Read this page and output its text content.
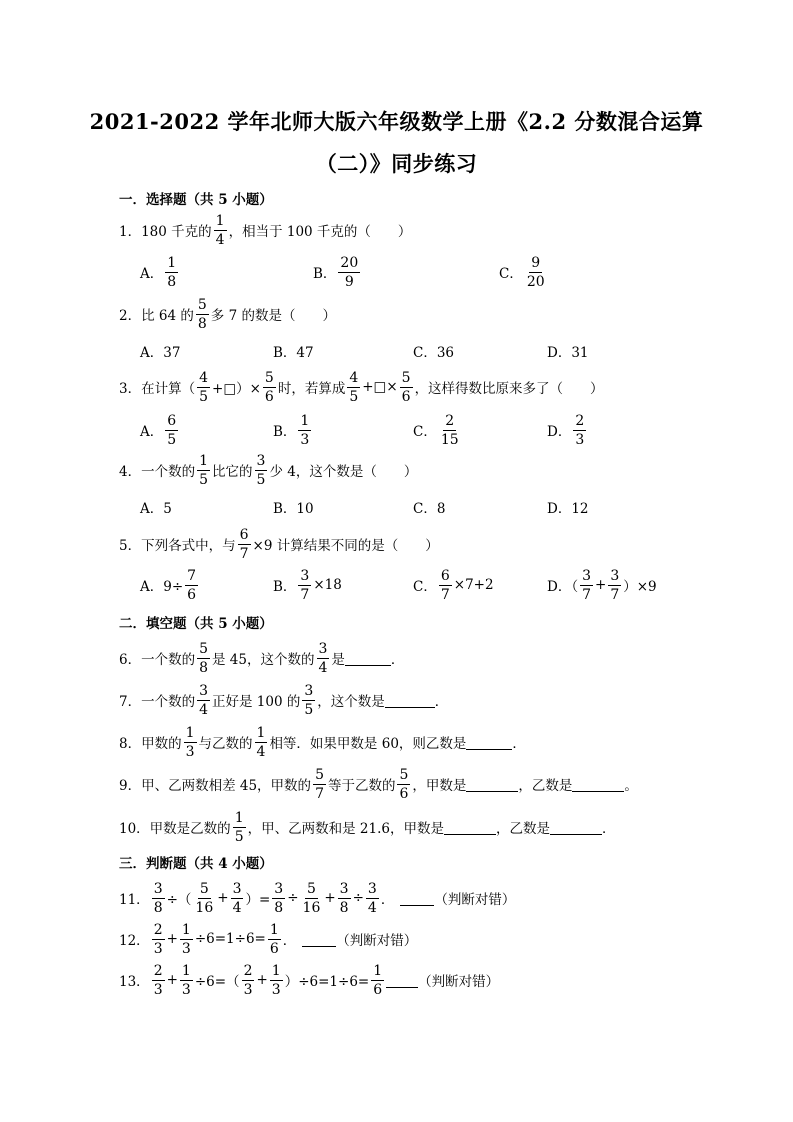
2021-2022 学年北师大版六年级数学上册《2.2 分数混合运算
（二）》同步练习
一．选择题（共 5 小题）
1．180 千克的 $\frac{1}{4}$ ，相当于 100 千克的（　　）
A． $\frac{1}{8}$	B． $\frac{20}{9}$	C． $\frac{9}{20}$
2．比 64 的 $\frac{5}{8}$ 多 7 的数是（　　）
A．37	B．47	C．36	D．31
3．在计算（ $\frac{4}{5}$ +□）× $\frac{5}{6}$ 时，若算成 $\frac{4}{5}$ +□× $\frac{5}{6}$ ，这样得数比原来多了（　　）
A． $\frac{6}{5}$	B． $\frac{1}{3}$	C． $\frac{2}{15}$	D． $\frac{2}{3}$
4．一个数的 $\frac{1}{5}$ 比它的 $\frac{3}{5}$ 少 4，这个数是（　　）
A．5	B．10	C．8	D．12
5．下列各式中，与 $\frac{6}{7} \times 9$ 计算结果不同的是（　　）
A．$9\div \frac{7}{6}$	B． $\frac{3}{7} \times 18$	C． $\frac{6}{7} \times 7+2$	D．（ $\frac{3}{7} + \frac{3}{7} )\times 9$
二．填空题（共 5 小题）
6．一个数的 $\frac{5}{8}$ 是 45，这个数的 $\frac{3}{4}$ 是	．
7．一个数的 $\frac{3}{4}$ 正好是 100 的 $\frac{3}{5}$ ，这个数是	．
8．甲数的 $\frac{1}{3}$ 与乙数的 $\frac{1}{4}$ 相等．如果甲数是 60，则乙数是	．
9．甲、乙两数相差 45，甲数的 $\frac{5}{7}$ 等于乙数的 $\frac{5}{6}$ ，甲数是	，乙数是	。
10．甲数是乙数的 $\frac{1}{5}$ ，甲、乙两数和是 21.6，甲数是	，乙数是	．
三．判断题（共 4 小题）
11． $\frac{3}{8}$ ÷（ $\frac{5}{16} + \frac{3}{4}$ ）= $\frac{3}{8} \div \frac{5}{16} + \frac{3}{8} \div \frac{3}{4}$ ．	（判断对错）
12． $\frac{2}{3} + \frac{1}{3} \div 6=1\div 6= \frac{1}{6}$ ．	（判断对错）
13． $\frac{2}{3} + \frac{1}{3} \div 6=( \frac{2}{3} + \frac{1}{3} )\div 6=1\div 6= \frac{1}{6}$	（判断对错）
